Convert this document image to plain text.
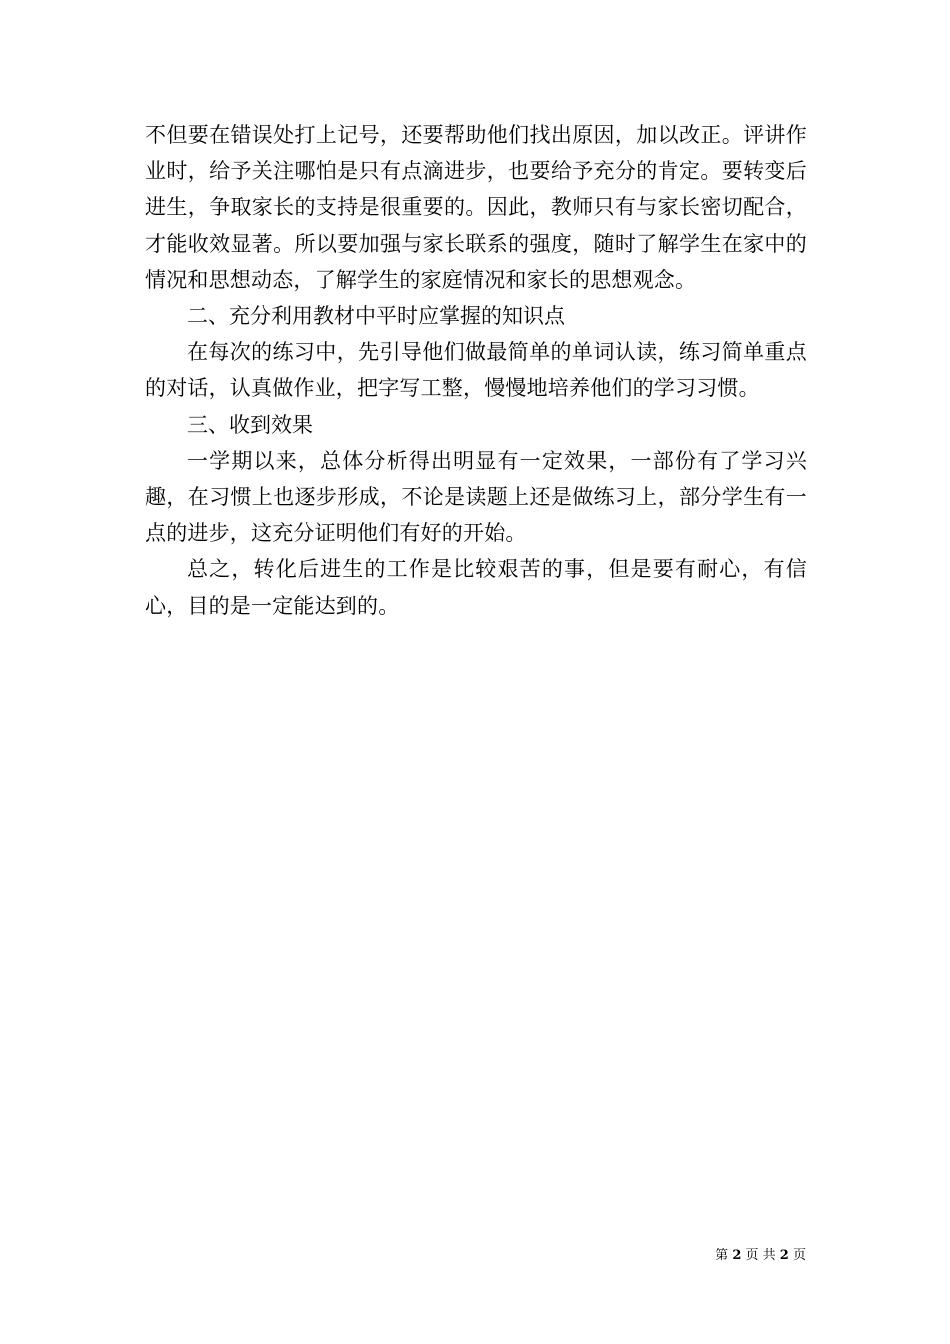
不但要在错误处打上记号，还要帮助他们找出原因，加以改正。评讲作业时，给予关注哪怕是只有点滴进步，也要给予充分的肯定。要转变后进生，争取家长的支持是很重要的。因此，教师只有与家长密切配合，才能收效显著。所以要加强与家长联系的强度，随时了解学生在家中的情况和思想动态，了解学生的家庭情况和家长的思想观念。

二、充分利用教材中平时应掌握的知识点

在每次的练习中，先引导他们做最简单的单词认读，练习简单重点的对话，认真做作业，把字写工整，慢慢地培养他们的学习习惯。

三、收到效果

一学期以来，总体分析得出明显有一定效果，一部份有了学习兴趣，在习惯上也逐步形成，不论是读题上还是做练习上，部分学生有一点的进步，这充分证明他们有好的开始。

总之，转化后进生的工作是比较艰苦的事，但是要有耐心，有信心，目的是一定能达到的。

第 2 页 共 2 页
